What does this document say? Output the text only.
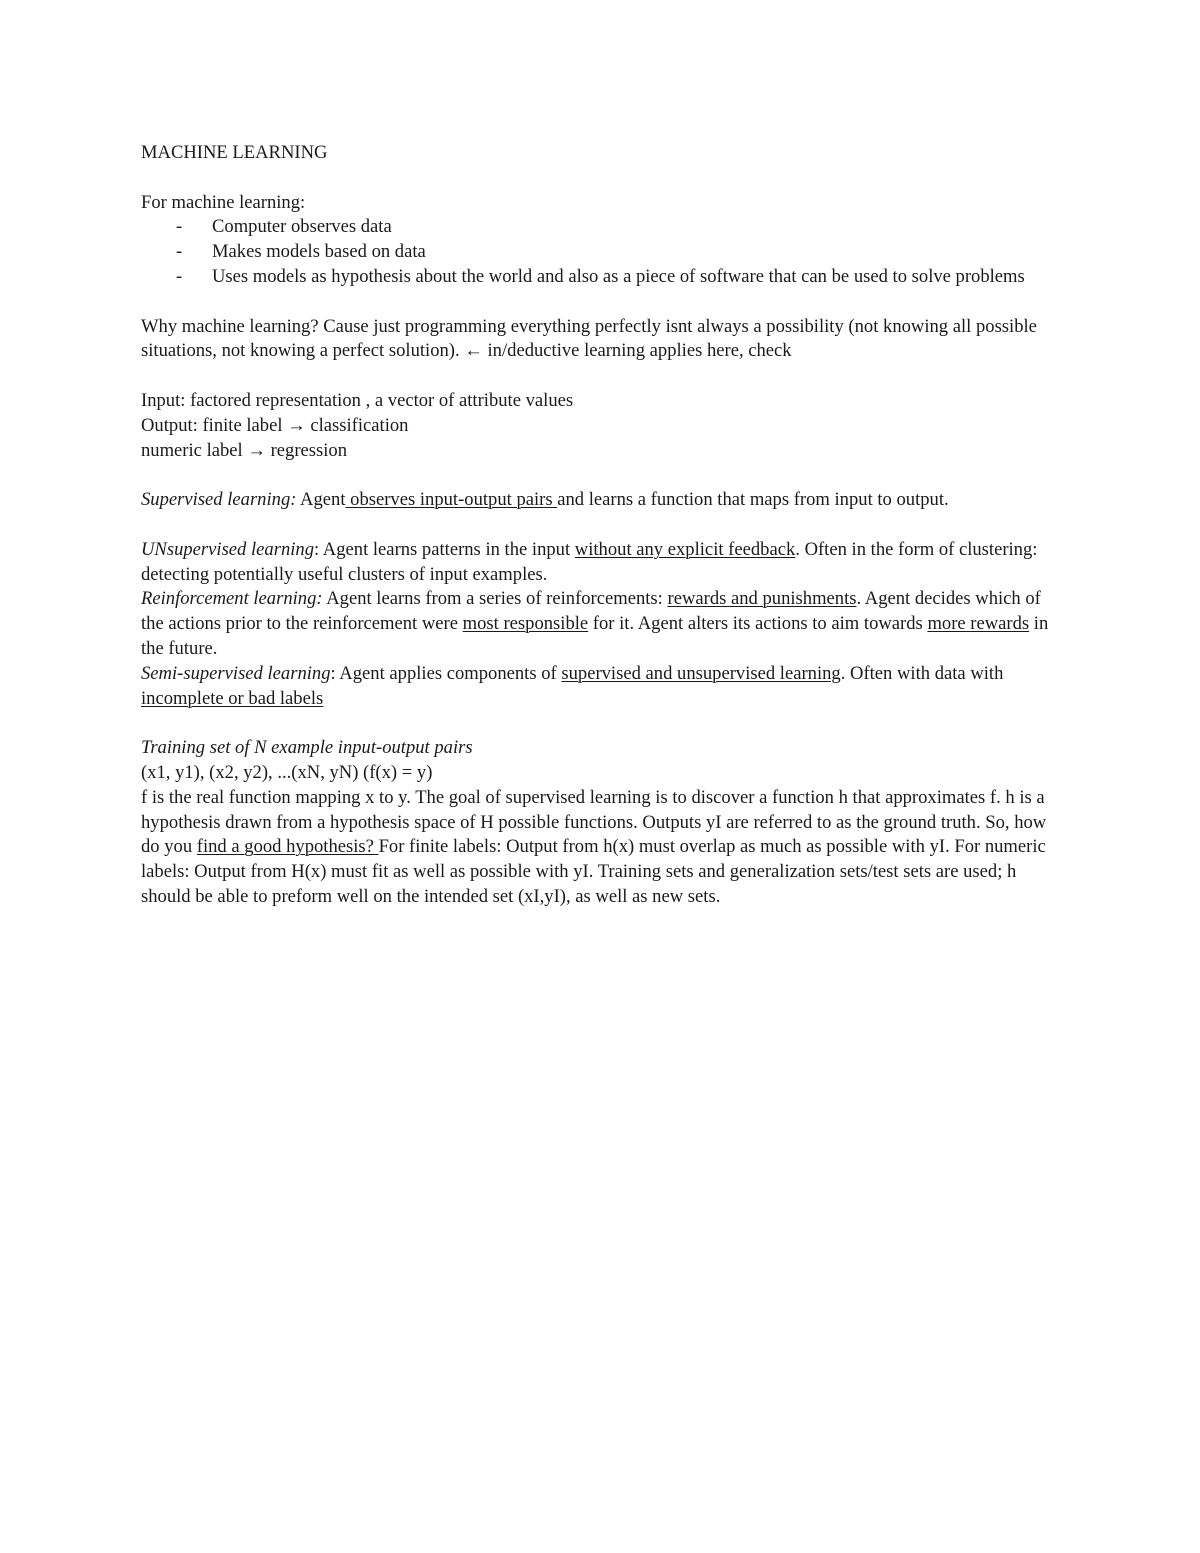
MACHINE LEARNING

For machine learning:

- Computer observes data
- Makes models based on data
- Uses models as hypothesis about the world and also as a piece of software that can be used to solve problems

Why machine learning? Cause just programming everything perfectly isnt always a possibility (not knowing all possible situations, not knowing a perfect solution). ← in/deductive learning applies here, check

Input: factored representation , a vector of attribute values

Output: finite label → classification

numeric label → regression

Supervised learning: Agent observes input-output pairs and learns a function that maps from input to output.

UNsupervised learning: Agent learns patterns in the input without any explicit feedback. Often in the form of clustering: detecting potentially useful clusters of input examples.

Reinforcement learning: Agent learns from a series of reinforcements: rewards and punishments. Agent decides which of the actions prior to the reinforcement were most responsible for it. Agent alters its actions to aim towards more rewards in the future.

Semi-supervised learning: Agent applies components of supervised and unsupervised learning. Often with data with incomplete or bad labels

Training set of N example input-output pairs

(x1, y1), (x2, y2), ...(xN, yN) (f(x) = y)

f is the real function mapping x to y. The goal of supervised learning is to discover a function h that approximates f. h is a hypothesis drawn from a hypothesis space of H possible functions. Outputs yI are referred to as the ground truth. So, how do you find a good hypothesis? For finite labels: Output from h(x) must overlap as much as possible with yI. For numeric labels: Output from H(x) must fit as well as possible with yI. Training sets and generalization sets/test sets are used; h should be able to preform well on the intended set (xI,yI), as well as new sets.
